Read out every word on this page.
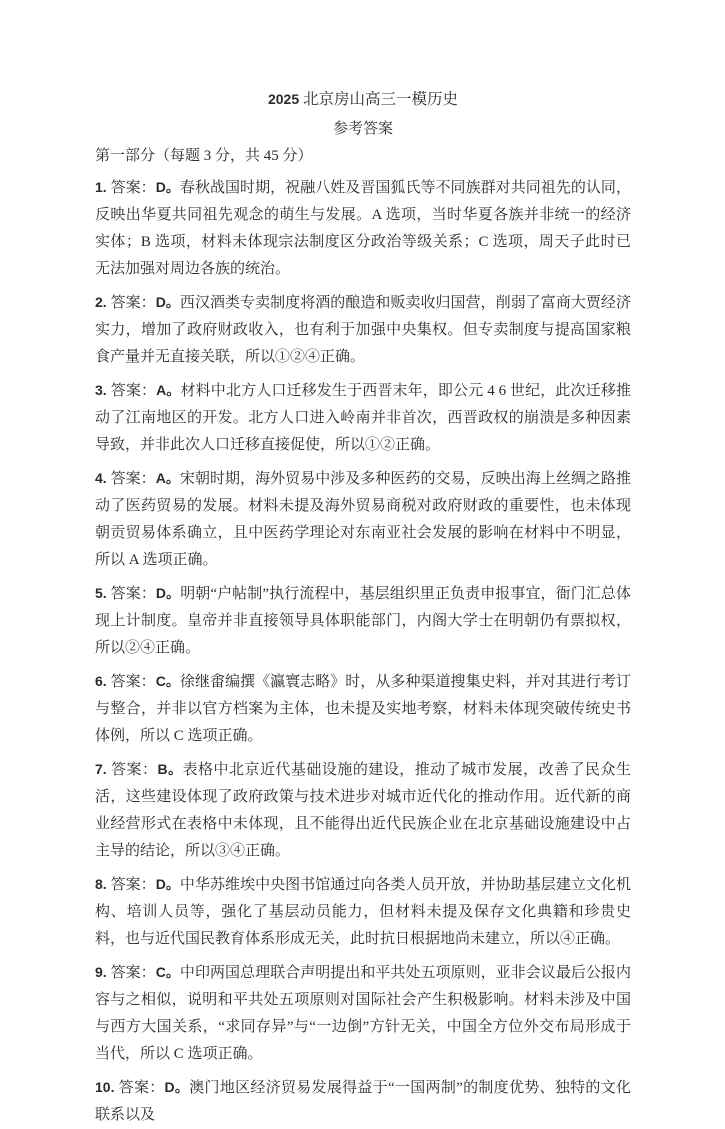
2025 北京房山高三一模历史
参考答案
第一部分（每题 3 分，共 45 分）

1. 答案：D。春秋战国时期，祝融八姓及晋国狐氏等不同族群对共同祖先的认同，反映出华夏共同祖先观念的萌生与发展。A 选项，当时华夏各族并非统一的经济实体；B 选项，材料未体现宗法制度区分政治等级关系；C 选项，周天子此时已无法加强对周边各族的统治。

2. 答案：D。西汉酒类专卖制度将酒的酿造和贩卖收归国营，削弱了富商大贾经济实力，增加了政府财政收入，也有利于加强中央集权。但专卖制度与提高国家粮食产量并无直接关联，所以①②④正确。

3. 答案：A。材料中北方人口迁移发生于西晋末年，即公元 4 6 世纪，此次迁移推动了江南地区的开发。北方人口进入岭南并非首次，西晋政权的崩溃是多种因素导致，并非此次人口迁移直接促使，所以①②正确。

4. 答案：A。宋朝时期，海外贸易中涉及多种医药的交易，反映出海上丝绸之路推动了医药贸易的发展。材料未提及海外贸易商税对政府财政的重要性，也未体现朝贡贸易体系确立，且中医药学理论对东南亚社会发展的影响在材料中不明显，所以 A 选项正确。

5. 答案：D。明朝“户帖制”执行流程中，基层组织里正负责申报事宜，衙门汇总体现上计制度。皇帝并非直接领导具体职能部门，内阁大学士在明朝仍有票拟权，所以②④正确。

6. 答案：C。徐继畬编撰《瀛寰志略》时，从多种渠道搜集史料，并对其进行考订与整合，并非以官方档案为主体，也未提及实地考察，材料未体现突破传统史书体例，所以 C 选项正确。

7. 答案：B。表格中北京近代基础设施的建设，推动了城市发展，改善了民众生活，这些建设体现了政府政策与技术进步对城市近代化的推动作用。近代新的商业经营形式在表格中未体现，且不能得出近代民族企业在北京基础设施建设中占主导的结论，所以③④正确。

8. 答案：D。中华苏维埃中央图书馆通过向各类人员开放，并协助基层建立文化机构、培训人员等，强化了基层动员能力，但材料未提及保存文化典籍和珍贵史料，也与近代国民教育体系形成无关，此时抗日根据地尚未建立，所以④正确。

9. 答案：C。中印两国总理联合声明提出和平共处五项原则，亚非会议最后公报内容与之相似，说明和平共处五项原则对国际社会产生积极影响。材料未涉及中国与西方大国关系，“求同存异”与“一边倒”方针无关，中国全方位外交布局形成于当代，所以 C 选项正确。

10. 答案：D。澳门地区经济贸易发展得益于“一国两制”的制度优势、独特的文化联系以及
